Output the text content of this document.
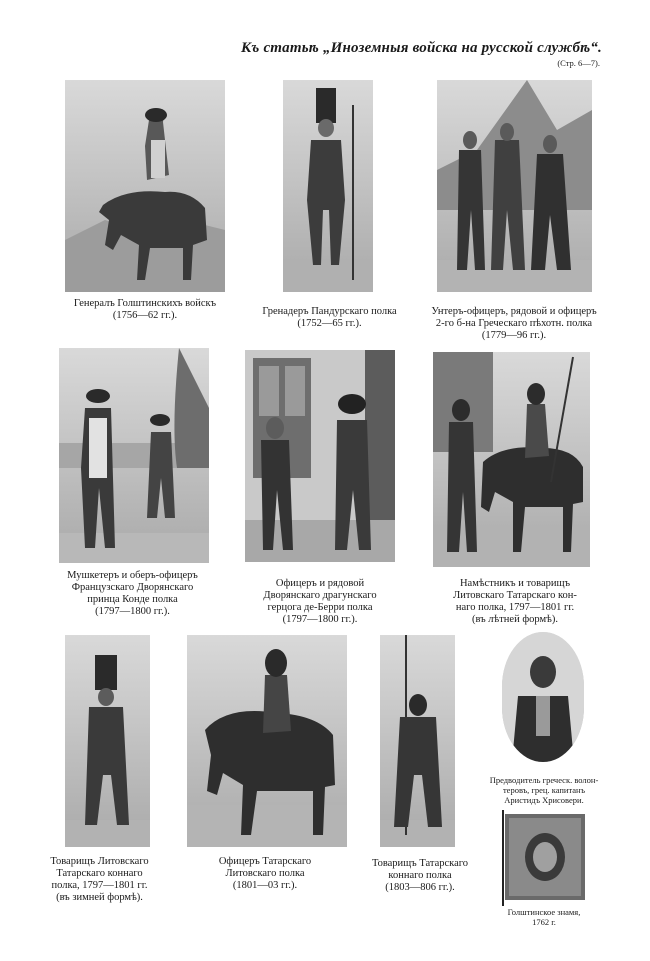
Къ статьѣ „Иноземныя войска на русской службѣ“.
(Стр. 6—7).
Генералъ Голштинскихъ войскъ
(1756—62 гг.).	Гренадеръ Пандурскаго полка
(1752—65 гг.).
Унтеръ-офицеръ, рядовой и офицеръ
2-го б-на Греческаго пѣхотн. полка
(1779—96 гг.).
Мушкетеръ и оберъ-офицеръ
Французскаго Дворянскаго
принца Конде полка
(1797—1800 гг.).
Офицеръ и рядовой
Дворянскаго драгунскаго
герцога де-Берри полка
(1797—1800 гг.).
Намѣстникъ и товарищъ
Литовскаго Татарскаго кон-
наго полка, 1797—1801 гг.
(въ лѣтней формѣ).
Товарищъ Литовскаго
Татарскаго коннаго
полка, 1797—1801 гг.
(въ зимней формѣ).
Офицеръ Татарскаго
Литовскаго полка
(1801—03 гг.).
Товарищъ Татарскаго
коннаго полка
(1803—806 гг.).
Предводитель греческ. волон-
теровъ, грец. капитанъ
Аристидъ Хрисовери.
Голштинское знамя,
1762 г.
